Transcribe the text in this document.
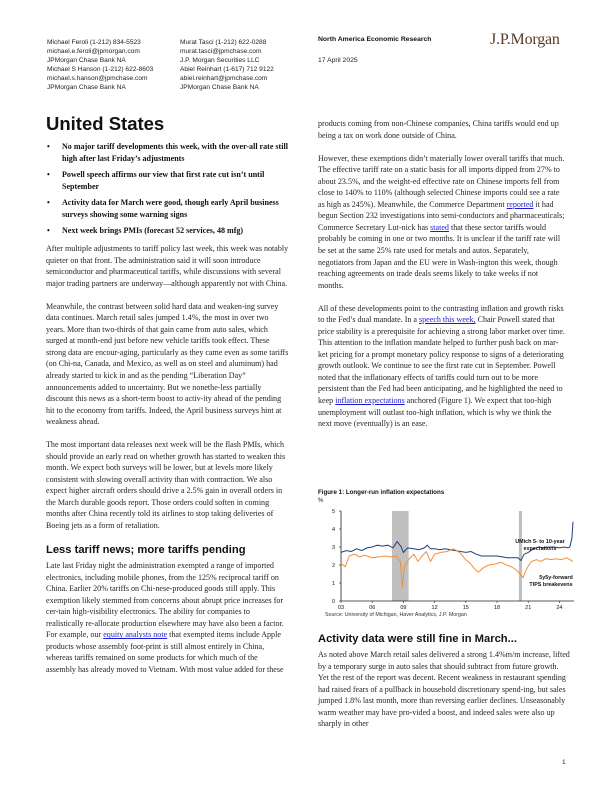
Michael Feroli (1-212) 834-5523
michael.e.feroli@jpmorgan.com
JPMorgan Chase Bank NA
Michael S Hanson (1-212) 622-8603
michael.s.hanson@jpmchase.com
JPMorgan Chase Bank NA
Murat Tasci (1-212) 622-0288
murat.tasci@jpmchase.com
J.P. Morgan Securities LLC
Abiel Reinhart (1-617) 712 9122
abiel.reinhart@jpmchase.com
JPMorgan Chase Bank NA
North America Economic Research
17 April 2025
J.P.Morgan
United States
• No major tariff developments this week, with the over-all rate still high after last Friday’s adjustments
• Powell speech affirms our view that first rate cut isn’t until September
• Activity data for March were good, though early April business surveys showing some warning signs
• Next week brings PMIs (forecast 52 services, 48 mfg)

After multiple adjustments to tariff policy last week, this week was notably quieter on that front. The administration said it will soon introduce semiconductor and pharmaceutical tariffs, while discussions with several major trading partners are underway—although apparently not with China.

Meanwhile, the contrast between solid hard data and weaken-ing survey data continues. March retail sales jumped 1.4%, the most in over two years. More than two-thirds of that gain came from auto sales, which surged at month-end just before new vehicle tariffs took effect. These strong data are encour-aging, particularly as they came even as some tariffs (on Chi-na, Canada, and Mexico, as well as on steel and aluminum) had already started to kick in and as the pending “Liberation Day” announcements added to uncertainty. But we nonethe-less partially discount this news as a short-term boost to activ-ity ahead of the pending hit to the economy from tariffs. Indeed, the April business surveys hint at weakness ahead.

The most important data releases next week will be the flash PMIs, which should provide an early read on whether growth has started to weaken this month. We expect both surveys will be lower, but at levels more likely consistent with slowing overall activity than with contraction. We also expect higher aircraft orders should drive a 2.5% gain in overall orders in the March durable goods report. Those orders could soften in coming months after China recently told its airlines to stop taking deliveries of Boeing jets as a form of retaliation.

Less tariff news; more tariffs pending

Late last Friday night the administration exempted a range of imported electronics, including mobile phones, from the 125% reciprocal tariff on China. Earlier 20% tariffs on Chi-nese-produced goods still apply. This exemption likely stemmed from concerns about abrupt price increases for cer-tain high-visibility electronics. The ability for companies to realistically re-allocate production elsewhere may have also been a factor. For example, our equity analysts note that exempted items include Apple products whose assembly foot-print is still almost entirely in China, whereas tariffs remained on some products for which much of the assembly has already moved to Vietnam. With most value added for these

products coming from non-Chinese companies, China tariffs would end up being a tax on work done outside of China.

However, these exemptions didn’t materially lower overall tariffs that much. The effective tariff rate on a static basis for all imports dipped from 27% to about 23.5%, and the weight-ed effective rate on Chinese imports fell from close to 140% to 110% (although selected Chinese imports could see a rate as high as 245%). Meanwhile, the Commerce Department reported it had begun Section 232 investigations into semi-conductors and pharmaceuticals; Commerce Secretary Lut-nick has stated that these sector tariffs would probably be coming in one or two months. It is unclear if the tariff rate will be set at the same 25% rate used for metals and autos. Separately, negotiators from Japan and the EU were in Wash-ington this week, though reaching agreements on trade deals seems likely to take weeks if not months.

All of these developments point to the contrasting inflation and growth risks to the Fed’s dual mandate. In a speech this week, Chair Powell stated that price stability is a prerequisite for achieving a strong labor market over time. This attention to the inflation mandate helped to further push back on mar-ket pricing for a prompt monetary policy response to signs of a deteriorating growth outlook. We continue to see the first rate cut in September. Powell noted that the inflationary effects of tariffs could turn out to be more persistent than the Fed had been anticipating, and he highlighted the need to keep inflation expectations anchored (Figure 1). We expect that too-high unemployment will outlast too-high inflation, which is why we think the next move (eventually) is an ease.

Figure 1: Longer-run inflation expectations
%
0
1
2
3
4
5
03	06	09	12	15	18	21	24
UMich 5- to 10-year
expectations
5y5y-forward
TIPS breakevens
Source: University of Michigan, Haver Analytics, J.P. Morgan
Activity data were still fine in March...

As noted above March retail sales delivered a strong 1.4%m/m increase, lifted by a temporary surge in auto sales that should subtract from future growth. Yet the rest of the report was decent. Recent weakness in restaurant spending had raised fears of a pullback in household discretionary spend-ing, but sales jumped 1.8% last month, more than reversing earlier declines. Unseasonably warm weather may have pro-vided a boost, and indeed sales were also up sharply in other

1
